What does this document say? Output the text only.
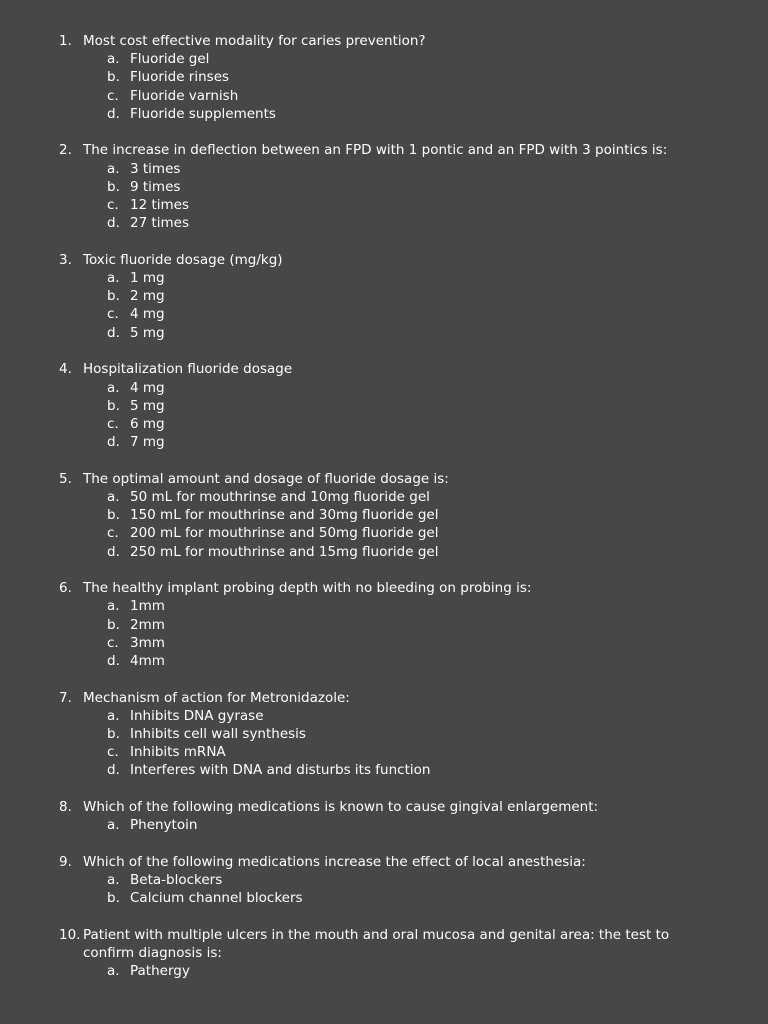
1. Most cost effective modality for caries prevention?
a. Fluoride gel
b. Fluoride rinses
c. Fluoride varnish
d. Fluoride supplements
2. The increase in deflection between an FPD with 1 pontic and an FPD with 3 pointics is:
a. 3 times
b. 9 times
c. 12 times
d. 27 times
3. Toxic fluoride dosage (mg/kg)
a. 1 mg
b. 2 mg
c. 4 mg
d. 5 mg
4. Hospitalization fluoride dosage
a. 4 mg
b. 5 mg
c. 6 mg
d. 7 mg
5. The optimal amount and dosage of fluoride dosage is:
a. 50 mL for mouthrinse and 10mg fluoride gel
b. 150 mL for mouthrinse and 30mg fluoride gel
c. 200 mL for mouthrinse and 50mg fluoride gel
d. 250 mL for mouthrinse and 15mg fluoride gel
6. The healthy implant probing depth with no bleeding on probing is:
a. 1mm
b. 2mm
c. 3mm
d. 4mm
7. Mechanism of action for Metronidazole:
a. Inhibits DNA gyrase
b. Inhibits cell wall synthesis
c. Inhibits mRNA
d. Interferes with DNA and disturbs its function
8. Which of the following medications is known to cause gingival enlargement:
a. Phenytoin
9. Which of the following medications increase the effect of local anesthesia:
a. Beta-blockers
b. Calcium channel blockers
10. Patient with multiple ulcers in the mouth and oral mucosa and genital area: the test to
confirm diagnosis is:
a. Pathergy
